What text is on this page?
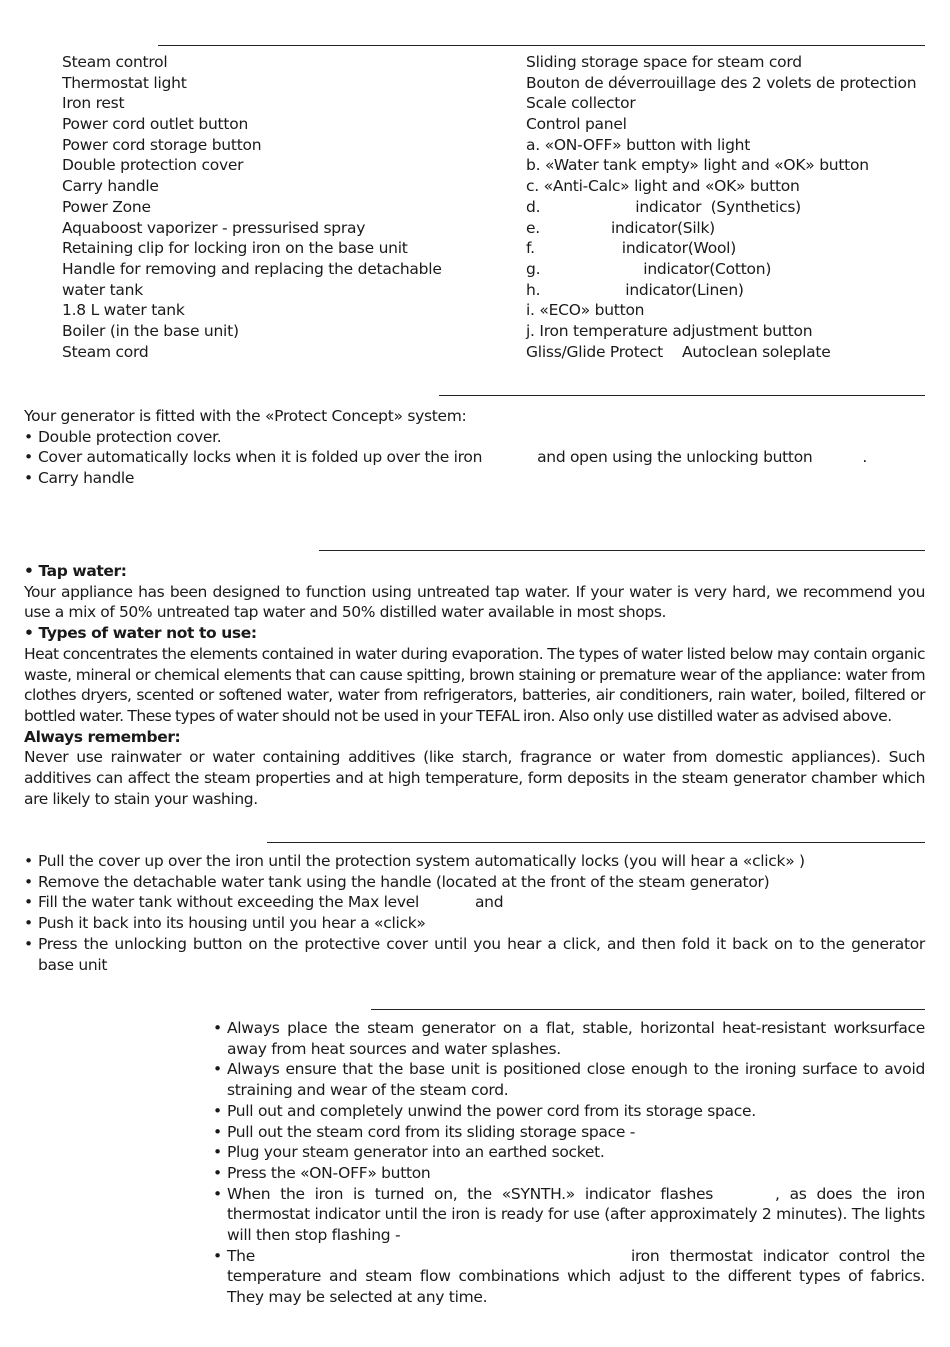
Steam control
Thermostat light
Iron rest
Power cord outlet button
Power cord storage button
Double protection cover
Carry handle
Power Zone
Aquaboost vaporizer - pressurised spray
Retaining clip for locking iron on the base unit
Handle for removing and replacing the detachable
water tank
1.8 L water tank
Boiler (in the base unit)
Steam cord
Sliding storage space for steam cord
Bouton de déverrouillage des 2 volets de protection
Scale collector
Control panel
a. «ON-OFF» button with light
b. «Water tank empty» light and «OK» button
c. «Anti-Calc» light and «OK» button
d.	indicator  (Synthetics)
e.	indicator(Silk)
f.	indicator(Wool)
g.	indicator(Cotton)
h.	indicator(Linen)
i. «ECO» button
j. Iron temperature adjustment button
Gliss/Glide Protect Autoclean soleplate

Your generator is fitted with the «Protect Concept» system:

• Double protection cover.
• Cover automatically locks when it is folded up over the iron	and open using the unlocking button	.
• Carry handle

• Tap water:

Your appliance has been designed to function using untreated tap water. If your water is very hard, we recommend you use a mix of 50% untreated tap water and 50% distilled water available in most shops.

• Types of water not to use:

Heat concentrates the elements contained in water during evaporation. The types of water listed below may contain organic waste, mineral or chemical elements that can cause spitting, brown staining or premature wear of the appliance: water from clothes dryers, scented or softened water, water from refrigerators, batteries, air conditioners, rain water, boiled, filtered or bottled water. These types of water should not be used in your TEFAL iron. Also only use distilled water as advised above.

Always remember:

Never use rainwater or water containing additives (like starch, fragrance or water from domestic appliances). Such additives can affect the steam properties and at high temperature, form deposits in the steam generator chamber which are likely to stain your washing.

• Pull the cover up over the iron until the protection system automatically locks (you will hear a «click» )
• Remove the detachable water tank using the handle (located at the front of the steam generator)
• Fill the water tank without exceeding the Max level	and
• Push it back into its housing until you hear a «click»
• Press the unlocking button on the protective cover until you hear a click, and then fold it back on to the generator base unit
• Always place the steam generator on a flat, stable, horizontal heat-resistant worksurface away from heat sources and water splashes.
• Always ensure that the base unit is positioned close enough to the ironing surface to avoid straining and wear of the steam cord.
• Pull out and completely unwind the power cord from its storage space.
• Pull out the steam cord from its sliding storage space -
• Plug your steam generator into an earthed socket.
• Press the «ON-OFF» button
• When the iron is turned on, the «SYNTH.» indicator flashes	, as does the iron thermostat indicator until the iron is ready for use (after approximately 2 minutes). The lights will then stop flashing -
• The	iron thermostat indicator control the temperature and steam flow combinations which adjust to the different types of fabrics. They may be selected at any time.
